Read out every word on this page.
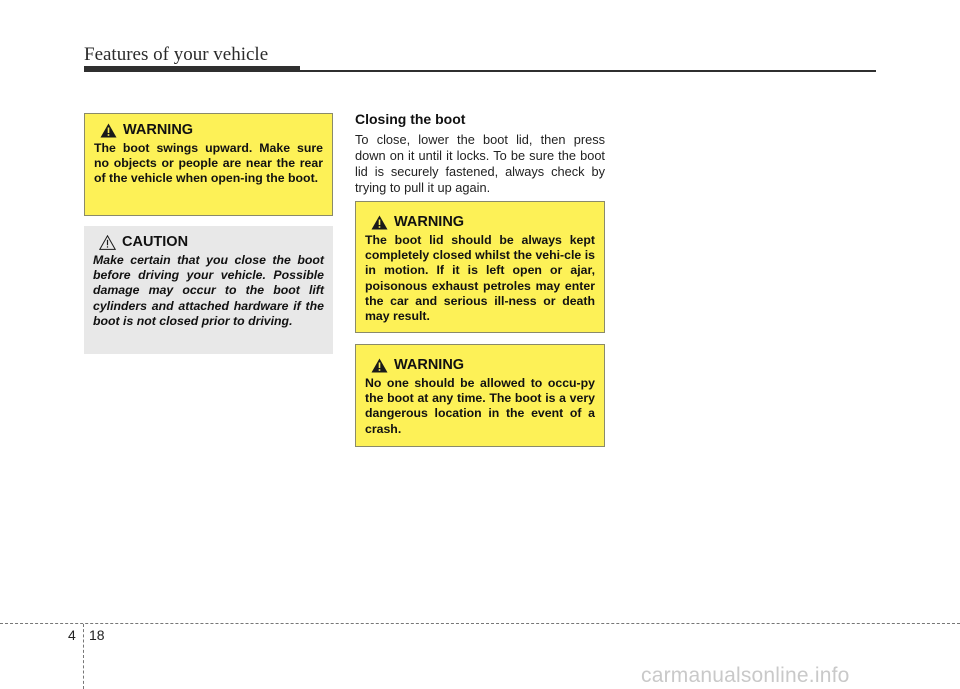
Features of your vehicle
WARNING
The boot swings upward. Make sure no objects or people are near the rear of the vehicle when open-ing the boot.
CAUTION
Make certain that you close the boot before driving your vehicle. Possible damage may occur to the boot lift cylinders and attached hardware if the boot is not closed prior to driving.
Closing the boot
To close, lower the boot lid, then press down on it until it locks. To be sure the boot lid is securely fastened, always check by trying to pull it up again.
WARNING
The boot lid should be always kept completely closed whilst the vehi-cle is in motion. If it is left open or ajar, poisonous exhaust petroles may enter the car and serious ill-ness or death may result.
WARNING
No one should be allowed to occu-py the boot at any time. The boot is a very dangerous location in the event of a crash.
4 18
carmanualsonline.info
